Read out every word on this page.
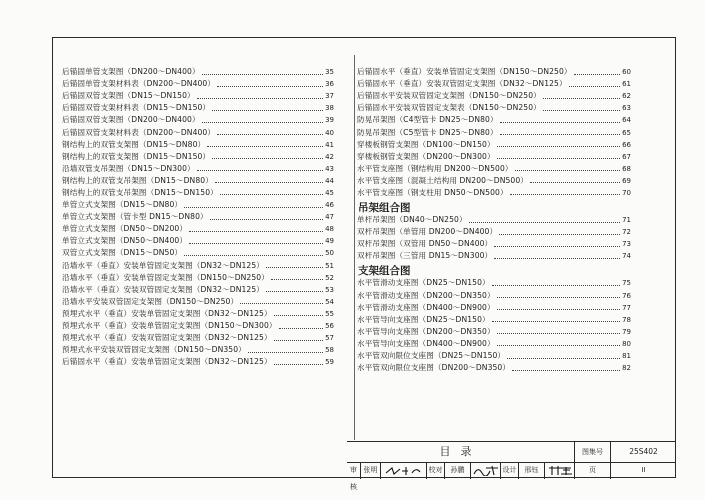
后锚固单管支架图（DN200～DN400）	35
后锚固单管支架材料表（DN200～DN400）	36
后锚固双管支架图（DN15～DN150）	37
后锚固双管支架材料表（DN15～DN150）	38
后锚固双管支架图（DN200～DN400）	39
后锚固双管支架材料表（DN200～DN400）	40
钢结构上的双管支架图（DN15～DN80）	41
钢结构上的双管支架图（DN15～DN150）	42
沿墙双管支吊架图（DN15～DN300）	43
钢结构上的双管支吊架图（DN15～DN80）	44
钢结构上的双管支吊架图（DN15～DN150）	45
单管立式支架图（DN15～DN80）	46
单管立式支架图（管卡型 DN15～DN80）	47
单管立式支架图（DN50～DN200）	48
单管立式支架图（DN50～DN400）	49
双管立式支架图（DN15～DN50）	50
沿墙水平（垂直）安装单管固定支架图（DN32～DN125）	51
沿墙水平（垂直）安装单管固定支架图（DN150～DN250）	52
沿墙水平（垂直）安装双管固定支架图（DN32～DN125）	53
沿墙水平安装双管固定支架图（DN150～DN250）	54
预埋式水平（垂直）安装单管固定支架图（DN32～DN125）	55
预埋式水平（垂直）安装单管固定支架图（DN150～DN300）	56
预埋式水平（垂直）安装双管固定支架图（DN32～DN125）	57
预埋式水平安装双管固定支架图（DN150～DN350）	58
后锚固水平（垂直）安装单管固定支架图（DN32～DN125）	59
后锚固水平（垂直）安装单管固定支架图（DN150～DN250）	60
后锚固水平（垂直）安装双管固定支架图（DN32～DN125）	61
后锚固水平安装双管固定支架图（DN150～DN250）	62
后锚固水平安装双管固定支架表（DN150～DN250）	63
防晃吊架图（C4型管卡 DN25～DN80）	64
防晃吊架图（C5型管卡 DN25～DN80）	65
穿楼板钢管支架图（DN100～DN150）	66
穿楼板钢管支架图（DN200～DN300）	67
水平管支座图（钢结构用 DN200～DN500）	68
水平管支座图（混凝土结构用 DN200～DN500）	69
水平管支座图（钢支柱用 DN50～DN500）	70
吊架组合图
单杆吊架图（DN40～DN250）	71
双杆吊架图（单管用 DN200～DN400）	72
双杆吊架图（双管用 DN50～DN400）	73
双杆吊架图（三管用 DN15～DN300）	74
支架组合图
水平管滑动支座图（DN25～DN150）	75
水平管滑动支座图（DN200～DN350）	76
水平管滑动支座图（DN400～DN900）	77
水平管导向支座图（DN25～DN150）	78
水平管导向支座图（DN200～DN350）	79
水平管导向支座图（DN400～DN900）	80
水平管双向限位支座图（DN25～DN150）	81
水平管双向限位支座图（DN200～DN350）	82
目录	图集号	25S402
审核
张明	校对	孙鹏	设计	邢钰	页	II
